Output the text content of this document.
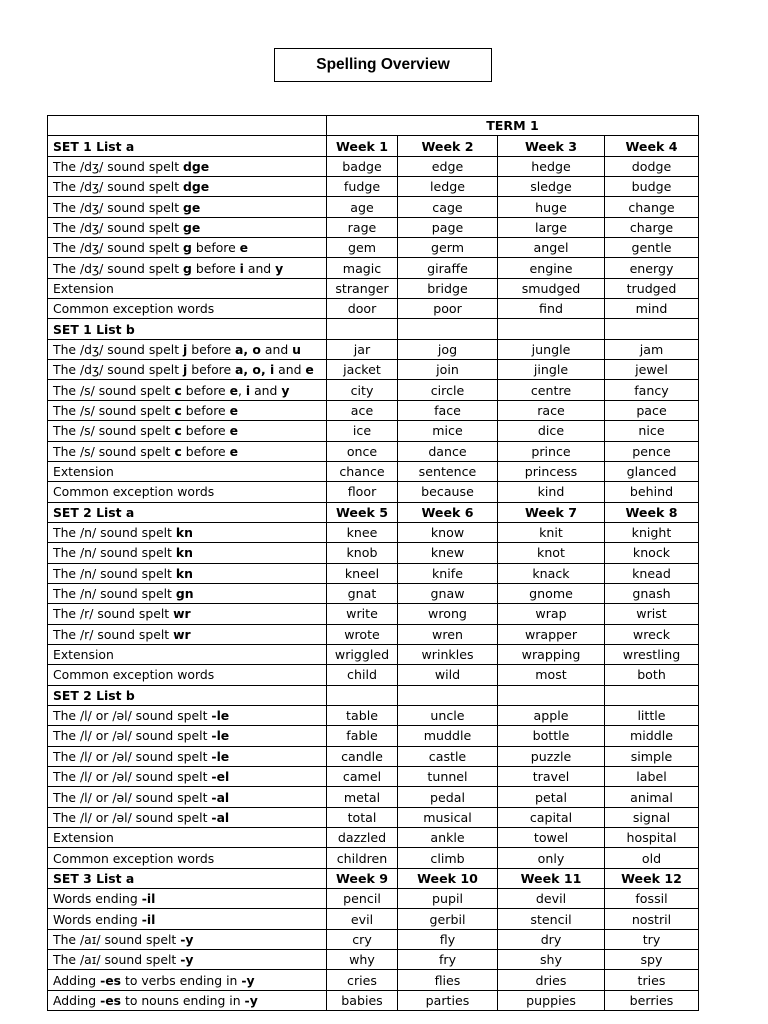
Spelling Overview
	TERM 1			
SET 1 List a	Week 1	Week 2	Week 3	Week 4
The /dʒ/ sound spelt dge	badge	edge	hedge	dodge
The /dʒ/ sound spelt dge	fudge	ledge	sledge	budge
The /dʒ/ sound spelt ge	age	cage	huge	change
The /dʒ/ sound spelt ge	rage	page	large	charge
The /dʒ/ sound spelt g before e	gem	germ	angel	gentle
The /dʒ/ sound spelt g before i and y	magic	giraffe	engine	energy
Extension	stranger	bridge	smudged	trudged
Common exception words	door	poor	find	mind
SET 1 List b				
The /dʒ/ sound spelt j before a, o and u	jar	jog	jungle	jam
The /dʒ/ sound spelt j before a, o, i and e	jacket	join	jingle	jewel
The /s/ sound spelt c before e, i and y	city	circle	centre	fancy
The /s/ sound spelt c before e	ace	face	race	pace
The /s/ sound spelt c before e	ice	mice	dice	nice
The /s/ sound spelt c before e	once	dance	prince	pence
Extension	chance	sentence	princess	glanced
Common exception words	floor	because	kind	behind
SET 2 List a	Week 5	Week 6	Week 7	Week 8
The /n/ sound spelt kn	knee	know	knit	knight
The /n/ sound spelt kn	knob	knew	knot	knock
The /n/ sound spelt kn	kneel	knife	knack	knead
The /n/ sound spelt gn	gnat	gnaw	gnome	gnash
The /r/ sound spelt wr	write	wrong	wrap	wrist
The /r/ sound spelt wr	wrote	wren	wrapper	wreck
Extension	wriggled	wrinkles	wrapping	wrestling
Common exception words	child	wild	most	both
SET 2 List b				
The /l/ or /əl/ sound spelt -le	table	uncle	apple	little
The /l/ or /əl/ sound spelt -le	fable	muddle	bottle	middle
The /l/ or /əl/ sound spelt -le	candle	castle	puzzle	simple
The /l/ or /əl/ sound spelt -el	camel	tunnel	travel	label
The /l/ or /əl/ sound spelt -al	metal	pedal	petal	animal
The /l/ or /əl/ sound spelt -al	total	musical	capital	signal
Extension	dazzled	ankle	towel	hospital
Common exception words	children	climb	only	old
SET 3 List a	Week 9	Week 10	Week 11	Week 12
Words ending -il	pencil	pupil	devil	fossil
Words ending -il	evil	gerbil	stencil	nostril
The /aɪ/ sound spelt -y	cry	fly	dry	try
The /aɪ/ sound spelt -y	why	fry	shy	spy
Adding -es to verbs ending in -y	cries	flies	dries	tries
Adding -es to nouns ending in -y	babies	parties	puppies	berries
